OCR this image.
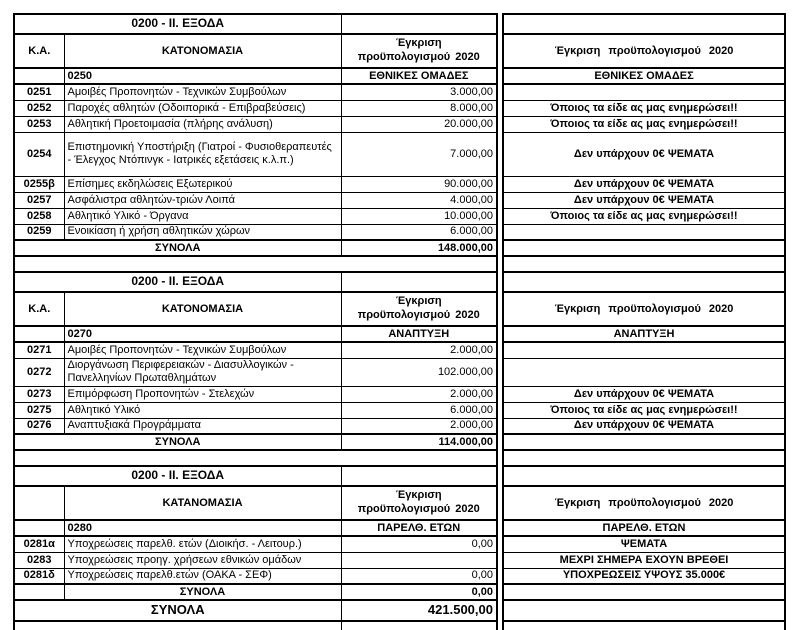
0200 - ΙΙ. ΕΞΟΔΑ				
Κ.Α.	ΚΑΤΟΝΟΜΑΣΙΑ	Έγκριση
προϋπολογισμού 2020		Έγκριση προϋπολογισμού 2020
	0250	ΕΘΝΙΚΕΣ ΟΜΑΔΕΣ		ΕΘΝΙΚΕΣ ΟΜΑΔΕΣ
0251	Αμοιβές Προπονητών - Τεχνικών Συμβούλων	3.000,00		
0252	Παροχές αθλητών (Οδοιπορικά - Επιβραβεύσεις)	8.000,00		Όποιος τα είδε ας μας ενημερώσει!!
0253	Αθλητική Προετοιμασία (πλήρης ανάλυση)	20.000,00		Όποιος τα είδε ας μας ενημερώσει!!
0254	Επιστημονική Υποστήριξη (Γιατροί - Φυσιοθεραπευτές - Έλεγχος Ντόπινγκ - Ιατρικές εξετάσεις κ.λ.π.)	7.000,00		Δεν υπάρχουν 0€ ΨΕΜΑΤΑ
0255β	Επίσημες εκδηλώσεις Εξωτερικού	90.000,00		Δεν υπάρχουν 0€ ΨΕΜΑΤΑ
0257	Ασφάλιστρα αθλητών-τριών Λοιπά	4.000,00		Δεν υπάρχουν 0€ ΨΕΜΑΤΑ
0258	Αθλητικό Υλικό - Όργανα	10.000,00		Όποιος τα είδε ας μας ενημερώσει!!
0259	Ενοικίαση ή χρήση αθλητικών χώρων	6.000,00		
ΣΥΝΟΛΑ		148.000,00		

0200 - ΙΙ. ΕΞΟΔΑ				
Κ.Α.	ΚΑΤΟΝΟΜΑΣΙΑ	Έγκριση
προϋπολογισμού 2020		Έγκριση προϋπολογισμού 2020
	0270	ΑΝΑΠΤΥΞΗ		ΑΝΑΠΤΥΞΗ
0271	Αμοιβές Προπονητών - Τεχνικών Συμβούλων	2.000,00		
0272	Διοργάνωση Περιφερειακών - Διασυλλογικών - Πανελληνίων Πρωταθλημάτων	102.000,00		
0273	Επιμόρφωση Προπονητών - Στελεχών	2.000,00		Δεν υπάρχουν 0€ ΨΕΜΑΤΑ
0275	Αθλητικό Υλικό	6.000,00		Όποιος τα είδε ας μας ενημερώσει!!
0276	Αναπτυξιακά Προγράμματα	2.000,00		Δεν υπάρχουν 0€ ΨΕΜΑΤΑ
ΣΥΝΟΛΑ		114.000,00		

0200 - ΙΙ. ΕΞΟΔΑ				
	ΚΑΤΑΝΟΜΑΣΙΑ	Έγκριση
προϋπολογισμού 2020		Έγκριση προϋπολογισμού 2020
	0280	ΠΑΡΕΛΘ. ΕΤΩΝ		ΠΑΡΕΛΘ. ΕΤΩΝ
0281α	Υποχρεώσεις παρελθ. ετών (Διοικήσ. - Λειτουρ.)	0,00		ΨΕΜΑΤΑ
0283	Υποχρεώσεις προηγ. χρήσεων εθνικών ομάδων			ΜΕΧΡΙ ΣΗΜΕΡΑ ΕΧΟΥΝ ΒΡΕΘΕΙ
0281δ	Υποχρεώσεις παρελθ.ετών (ΟΑΚΑ - ΣΕΦ)	0,00		ΥΠΟΧΡΕΩΣΕΙΣ ΥΨΟΥΣ 35.000€
	ΣΥΝΟΛΑ	0,00		
ΣΥΝΟΛΑ		421.500,00		
